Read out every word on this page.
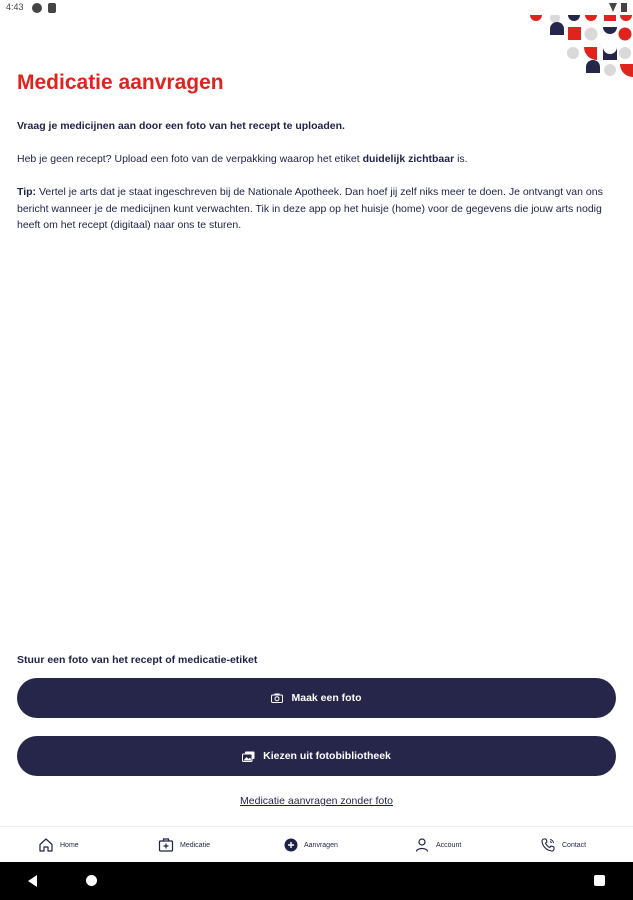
4:43
Medicatie aanvragen

Vraag je medicijnen aan door een foto van het recept te uploaden.

Heb je geen recept? Upload een foto van de verpakking waarop het etiket duidelijk zichtbaar is.

Tip: Vertel je arts dat je staat ingeschreven bij de Nationale Apotheek. Dan hoef jij zelf niks meer te doen. Je ontvangt van ons bericht wanneer je de medicijnen kunt verwachten. Tik in deze app op het huisje (home) voor de gegevens die jouw arts nodig heeft om het recept (digitaal) naar ons te sturen.

Stuur een foto van het recept of medicatie-etiket
Maak een foto
Kiezen uit fotobibliotheek
Medicatie aanvragen zonder foto
Home	Medicatie	Aanvragen	Account	Contact
